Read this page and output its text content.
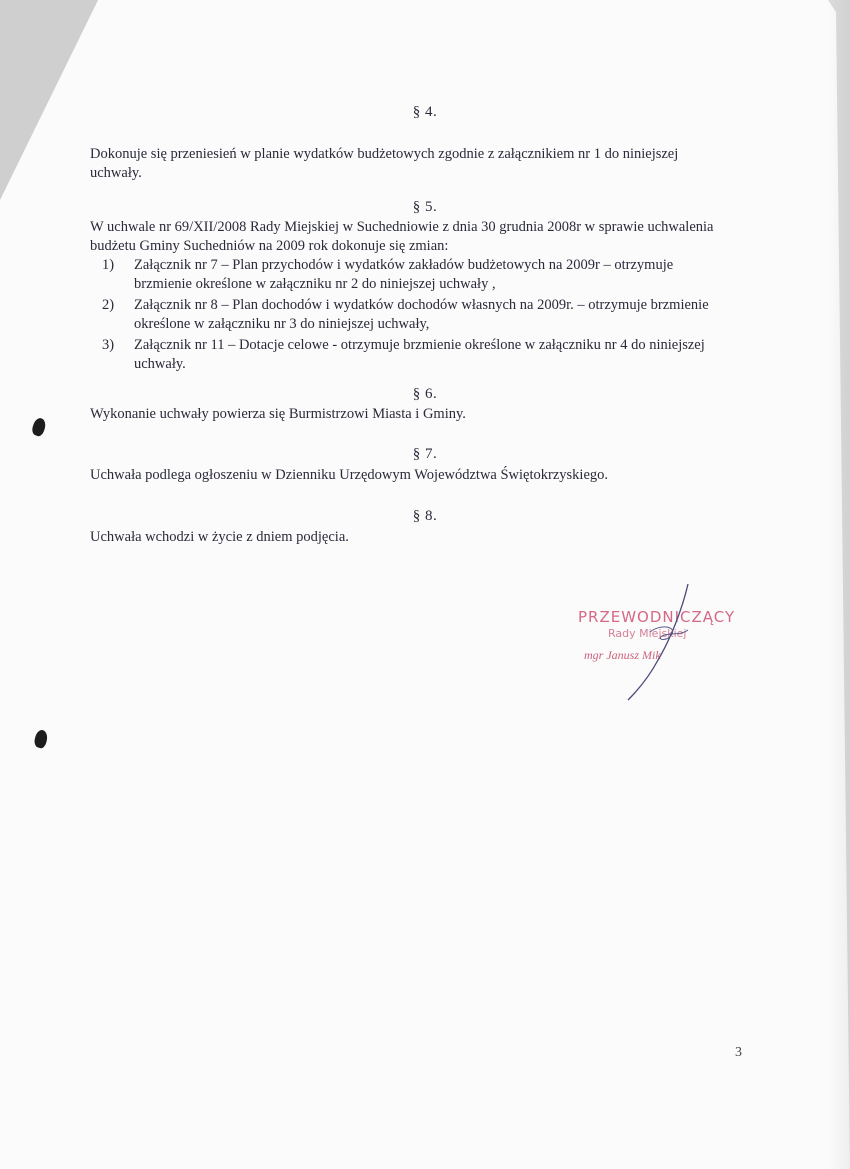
§ 4.
Dokonuje się przeniesień w planie wydatków budżetowych zgodnie z załącznikiem nr 1 do niniejszej uchwały.
§ 5.
W uchwale nr 69/XII/2008 Rady Miejskiej w Suchedniowie z dnia 30 grudnia 2008r w sprawie uchwalenia budżetu Gminy Suchedniów na 2009 rok dokonuje się zmian:
1)	Załącznik nr 7 – Plan przychodów i wydatków zakładów budżetowych na 2009r – otrzymuje brzmienie określone w załączniku nr 2 do niniejszej uchwały ,
2)	Załącznik nr 8 – Plan dochodów i wydatków dochodów własnych na 2009r. – otrzymuje brzmienie określone w załączniku nr 3 do niniejszej uchwały,
3)	Załącznik nr 11 – Dotacje celowe - otrzymuje brzmienie określone w załączniku nr 4 do niniejszej uchwały.
§ 6.
Wykonanie uchwały powierza się Burmistrzowi Miasta i Gminy.
§ 7.
Uchwała podlega ogłoszeniu w Dzienniku Urzędowym Województwa Świętokrzyskiego.
§ 8.
Uchwała wchodzi w życie z dniem podjęcia.
PRZEWODNICZĄCY
Rady Miejskiej
mgr Janusz Mik
3
